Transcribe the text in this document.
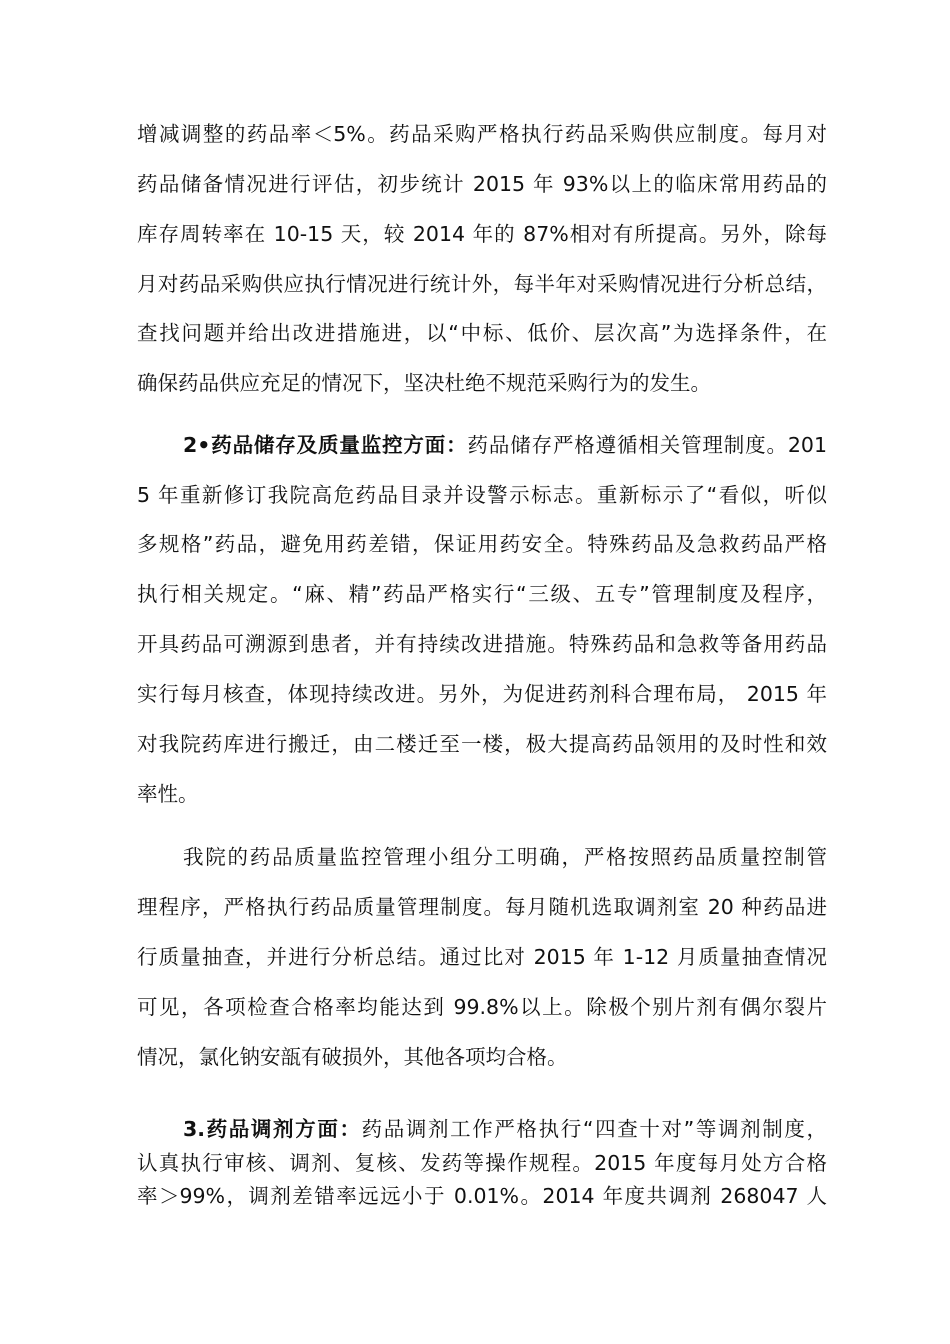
增减调整的药品率＜5%。药品采购严格执行药品采购供应制度。每月对
药品储备情况进行评估，初步统计 2015 年 93%以上的临床常用药品的
库存周转率在 10-15 天，较 2014 年的 87%相对有所提高。另外，除每
月对药品采购供应执行情况进行统计外，每半年对采购情况进行分析总结，
查找问题并给出改进措施进，以“中标、低价、层次高”为选择条件，在
确保药品供应充足的情况下，坚决杜绝不规范采购行为的发生。
2•药品储存及质量监控方面：药品储存严格遵循相关管理制度。201
5 年重新修订我院高危药品目录并设警示标志。重新标示了“看似，听似
多规格”药品，避免用药差错，保证用药安全。特殊药品及急救药品严格
执行相关规定。“麻、精”药品严格实行“三级、五专”管理制度及程序，
开具药品可溯源到患者，并有持续改进措施。特殊药品和急救等备用药品
实行每月核查，体现持续改进。另外，为促进药剂科合理布局， 2015 年
对我院药库进行搬迁，由二楼迁至一楼，极大提高药品领用的及时性和效
率性。
我院的药品质量监控管理小组分工明确，严格按照药品质量控制管
理程序，严格执行药品质量管理制度。每月随机选取调剂室 20 种药品进
行质量抽查，并进行分析总结。通过比对 2015 年 1-12 月质量抽查情况
可见，各项检查合格率均能达到 99.8%以上。除极个别片剂有偶尔裂片
情况，氯化钠安瓿有破损外，其他各项均合格。
3.药品调剂方面：药品调剂工作严格执行“四查十对”等调剂制度，
认真执行审核、调剂、复核、发药等操作规程。2015 年度每月处方合格
率＞99%，调剂差错率远远小于 0.01%。2014 年度共调剂 268047 人
